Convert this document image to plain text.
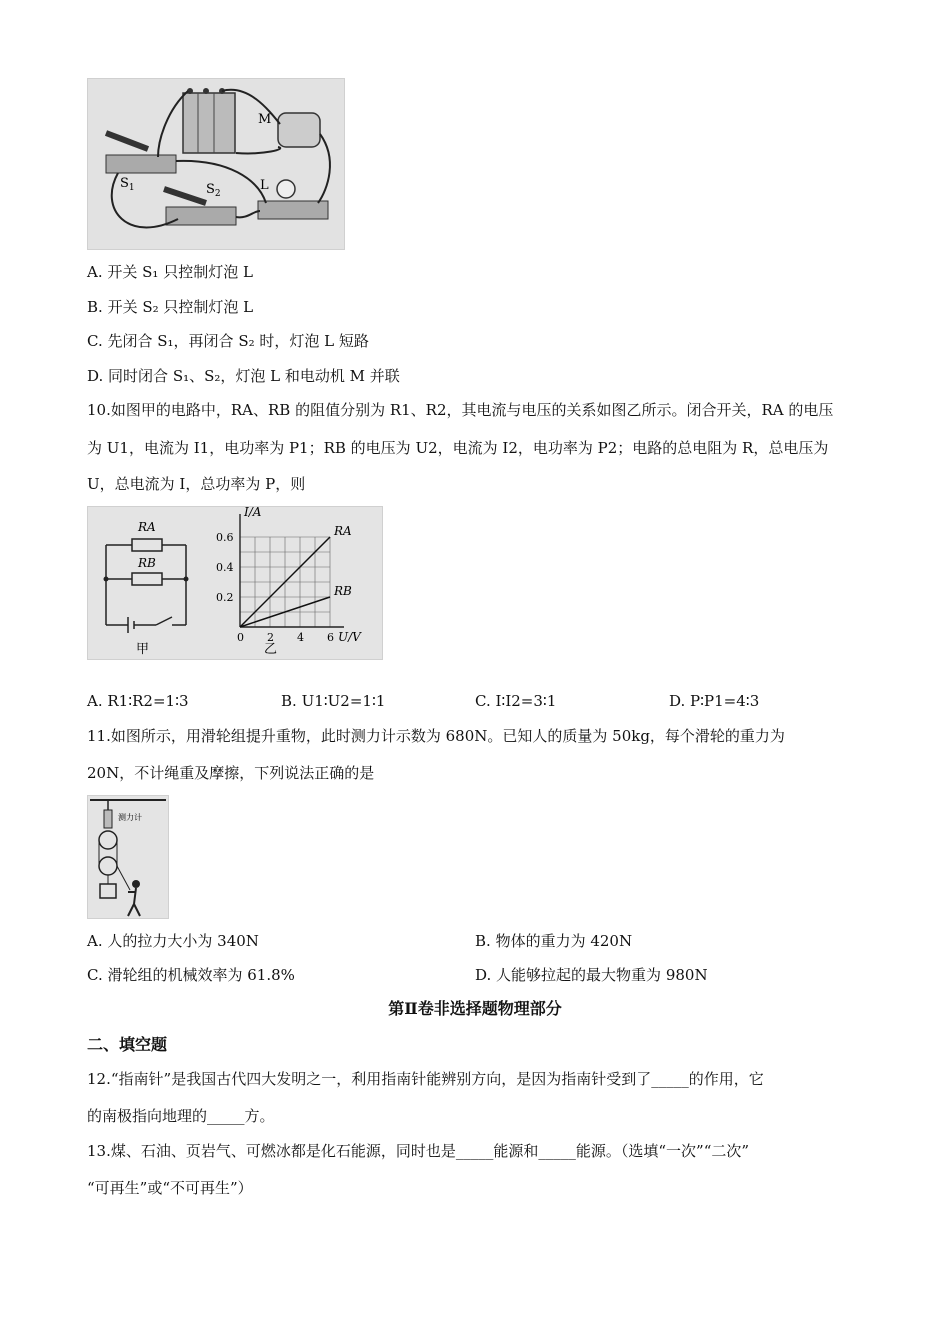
M
$S_1$	$S_2$
L
A. 开关 S₁ 只控制灯泡 L
B. 开关 S₂ 只控制灯泡 L
C. 先闭合 S₁，再闭合 S₂ 时，灯泡 L 短路
D. 同时闭合 S₁、S₂，灯泡 L 和电动机 M 并联
10.如图甲的电路中，RA、RB 的阻值分别为 R1、R2，其电流与电压的关系如图乙所示。闭合开关，RA 的电压
为 U1，电流为 I1，电功率为 P1；RB 的电压为 U2，电流为 I2，电功率为 P2；电路的总电阻为 R，总电压为
U，总电流为 I，总功率为 P，则
RA
RB
甲
I/A
U/V
0.6
0.4
0.2
0 2 4 6
RA
RB
乙
A. R1∶R2=1∶3	B. U1∶U2=1∶1	C. I∶I2=3∶1	D. P∶P1=4∶3
11.如图所示，用滑轮组提升重物，此时测力计示数为 680N。已知人的质量为 50kg，每个滑轮的重力为
20N，不计绳重及摩擦，下列说法正确的是
测力计
A. 人的拉力大小为 340N	B. 物体的重力为 420N
C. 滑轮组的机械效率为 61.8%	D. 人能够拉起的最大物重为 980N
第Ⅱ卷非选择题物理部分
二、填空题
12.“指南针”是我国古代四大发明之一，利用指南针能辨别方向，是因为指南针受到了_____的作用，它
的南极指向地理的_____方。
13.煤、石油、页岩气、可燃冰都是化石能源，同时也是_____能源和_____能源。（选填“一次”“二次”
“可再生”或“不可再生”）
